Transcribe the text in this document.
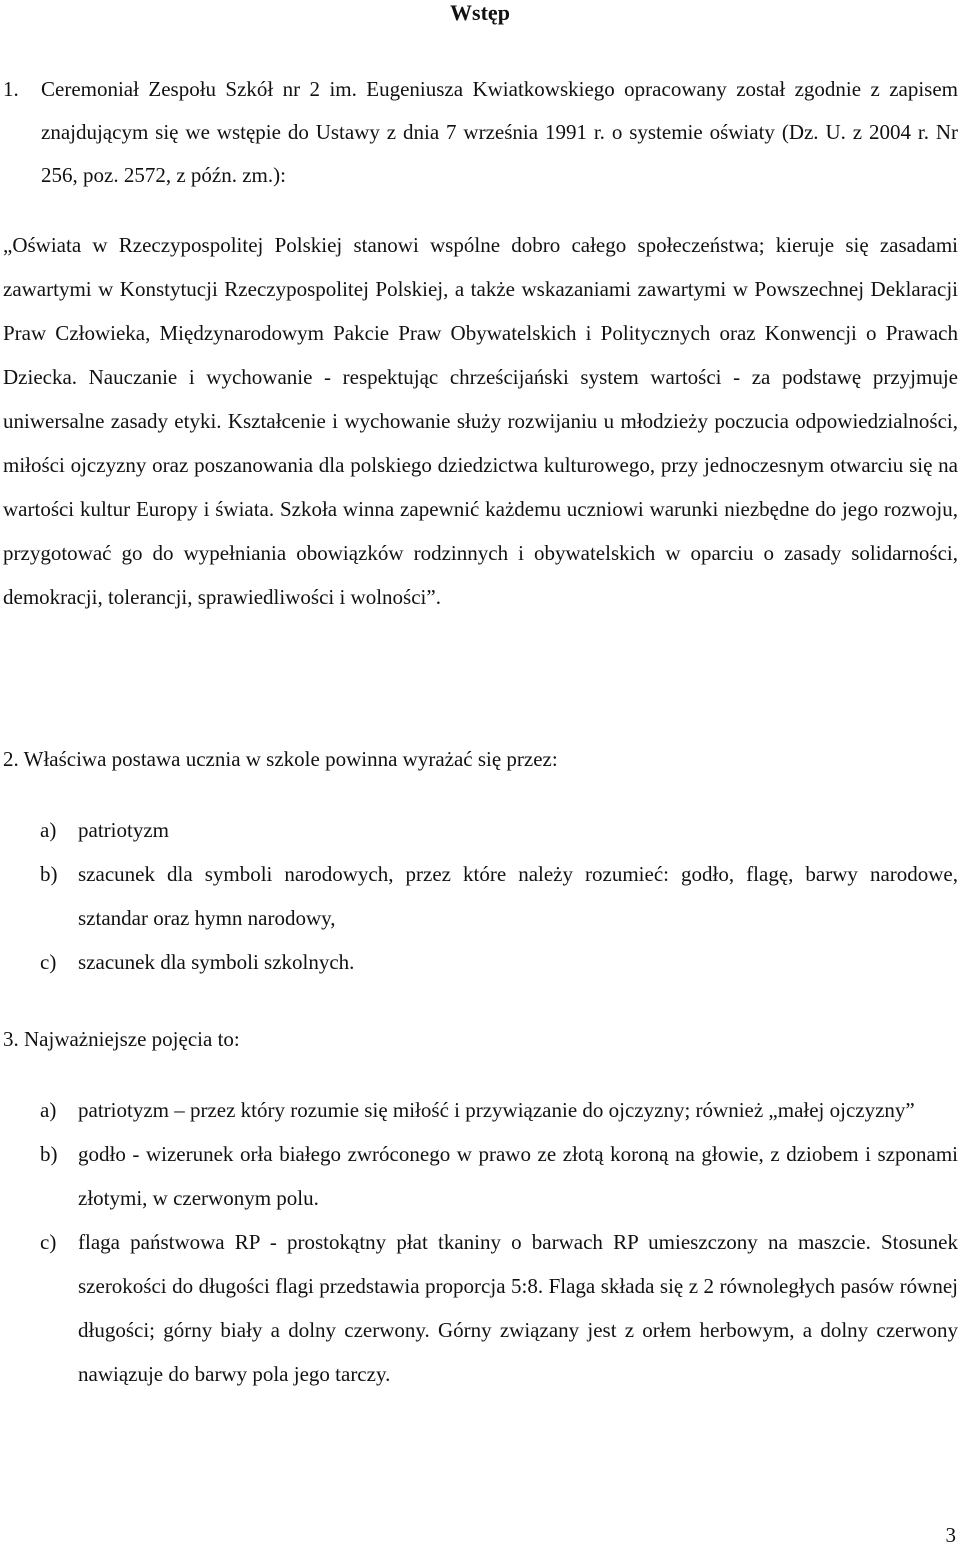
Wstęp
1. Ceremoniał Zespołu Szkół nr 2 im. Eugeniusza Kwiatkowskiego opracowany został zgodnie z zapisem znajdującym się we wstępie do Ustawy z dnia 7 września 1991 r. o systemie oświaty (Dz. U. z 2004 r. Nr 256, poz. 2572, z późn. zm.):
„Oświata w Rzeczypospolitej Polskiej stanowi wspólne dobro całego społeczeństwa; kieruje się zasadami zawartymi w Konstytucji Rzeczypospolitej Polskiej, a także wskazaniami zawartymi w Powszechnej Deklaracji Praw Człowieka, Międzynarodowym Pakcie Praw Obywatelskich i Politycznych oraz Konwencji o Prawach Dziecka. Nauczanie i wychowanie - respektując chrześcijański system wartości - za podstawę przyjmuje uniwersalne zasady etyki. Kształcenie i wychowanie służy rozwijaniu u młodzieży poczucia odpowiedzialności, miłości ojczyzny oraz poszanowania dla polskiego dziedzictwa kulturowego, przy jednoczesnym otwarciu się na wartości kultur Europy i świata. Szkoła winna zapewnić każdemu uczniowi warunki niezbędne do jego rozwoju, przygotować go do wypełniania obowiązków rodzinnych i obywatelskich w oparciu o zasady solidarności, demokracji, tolerancji, sprawiedliwości i wolności”.
2. Właściwa postawa ucznia w szkole powinna wyrażać się przez:
a) patriotyzm
b) szacunek dla symboli narodowych, przez które należy rozumieć: godło, flagę, barwy narodowe, sztandar oraz hymn narodowy,
c) szacunek dla symboli szkolnych.
3. Najważniejsze pojęcia to:
a) patriotyzm – przez który rozumie się miłość i przywiązanie do ojczyzny; również „małej ojczyzny”
b) godło - wizerunek orła białego zwróconego w prawo ze złotą koroną na głowie, z dziobem i szponami złotymi, w czerwonym polu.
c) flaga państwowa RP - prostokątny płat tkaniny o barwach RP umieszczony na maszcie. Stosunek szerokości do długości flagi przedstawia proporcja 5:8. Flaga składa się z 2 równoległych pasów równej długości; górny biały a dolny czerwony. Górny związany jest z orłem herbowym, a dolny czerwony nawiązuje do barwy pola jego tarczy.
3
